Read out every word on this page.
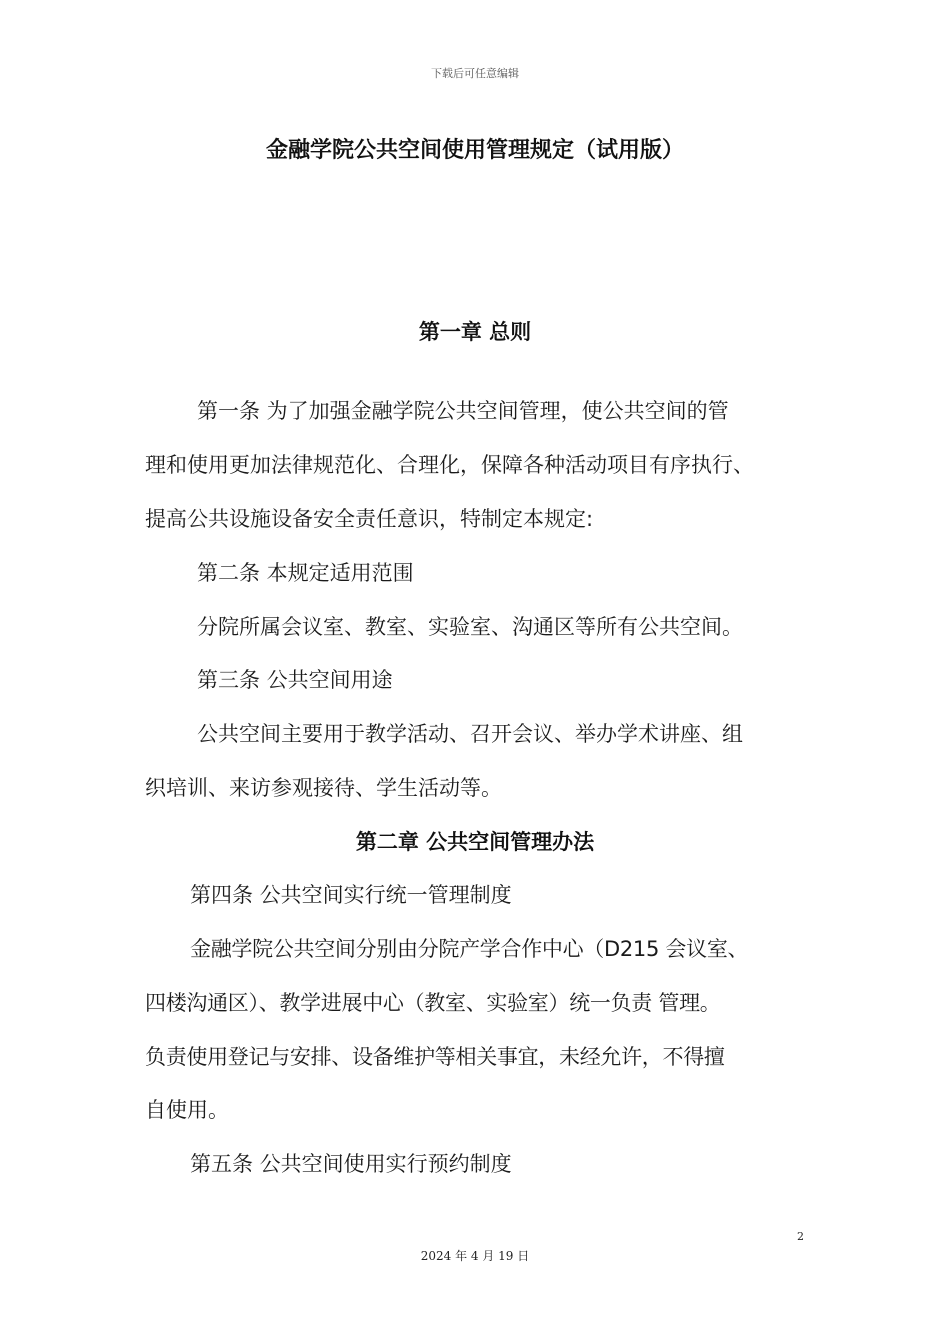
下载后可任意编辑
金融学院公共空间使用管理规定（试用版）
第一章 总则
第一条 为了加强金融学院公共空间管理，使公共空间的管
理和使用更加法律规范化、合理化，保障各种活动项目有序执行、
提高公共设施设备安全责任意识，特制定本规定:
第二条 本规定适用范围
分院所属会议室、教室、实验室、沟通区等所有公共空间。
第三条 公共空间用途
公共空间主要用于教学活动、召开会议、举办学术讲座、组
织培训、来访参观接待、学生活动等。
第二章 公共空间管理办法
第四条 公共空间实行统一管理制度
金融学院公共空间分别由分院产学合作中心（D215 会议室、
四楼沟通区）、教学进展中心（教室、实验室）统一负责 管理。
负责使用登记与安排、设备维护等相关事宜，未经允许，不得擅
自使用。
第五条 公共空间使用实行预约制度
2
2024 年 4 月 19 日
